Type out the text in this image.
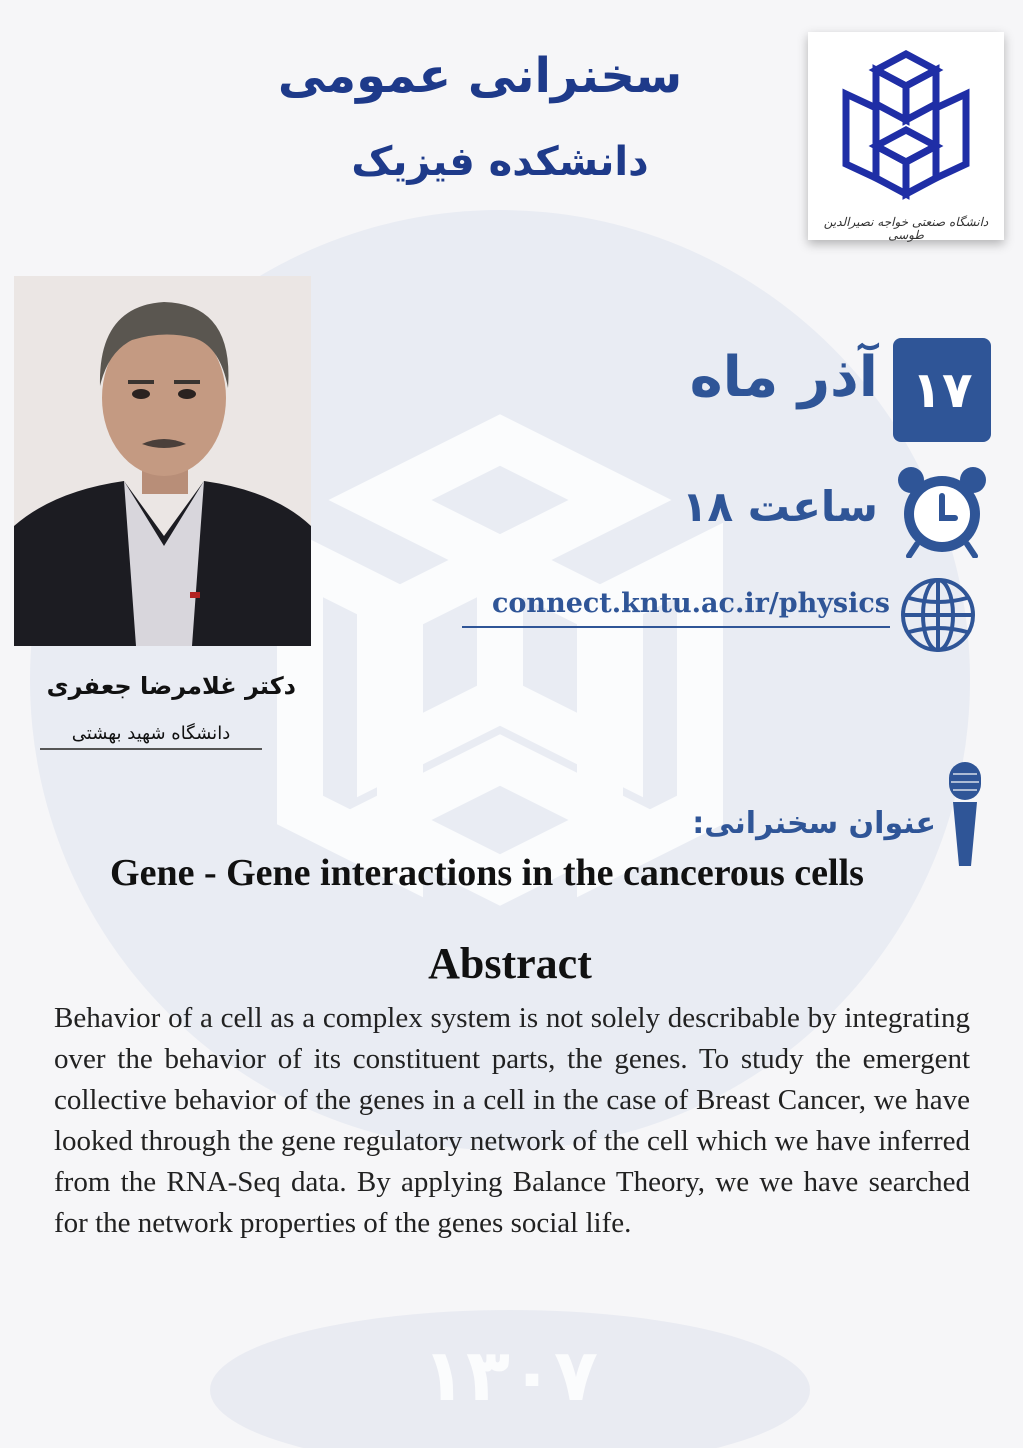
۱۳۰۷
سخنرانی عمومی
دانشکده فیزیک
دانشگاه صنعتی خواجه نصیرالدین طوسی
دکتر غلامرضا جعفری
دانشگاه شهید بهشتی
۱۷
آذر ماه
ساعت ۱۸
connect.kntu.ac.ir/physics
عنوان سخنرانی:
Gene - Gene interactions in the cancerous cells
Abstract
Behavior of a cell as a complex system is not solely describable by integrating over the behavior of its constituent parts, the genes. To study the emergent collective behavior of the genes in a cell in the case of Breast Cancer, we have looked through the gene regulatory network of the cell which we have inferred from the RNA-Seq data. By applying Balance Theory, we we have searched for the network properties of the genes social life.
